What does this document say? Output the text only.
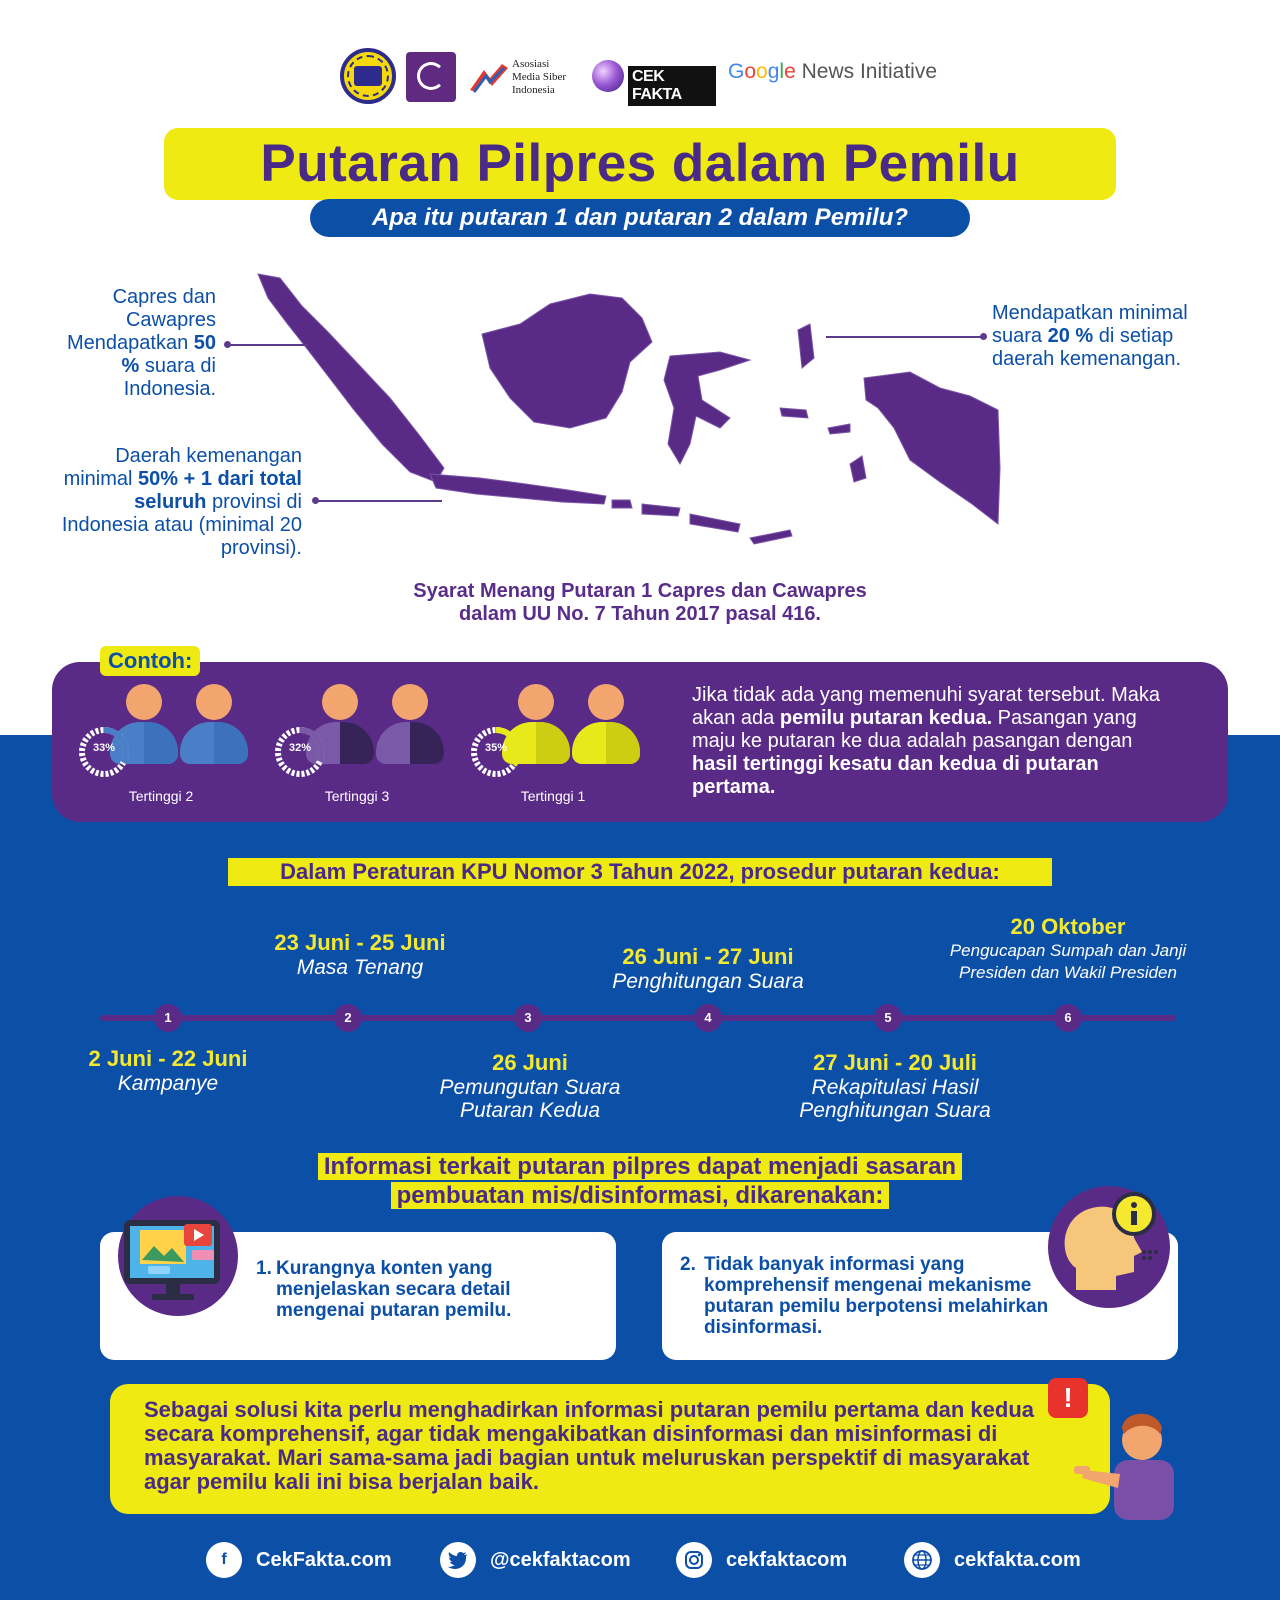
Asosiasi
Media Siber
Indonesia
CEK FAKTA
Google News Initiative
Putaran Pilpres dalam Pemilu
Apa itu putaran 1 dan putaran 2 dalam Pemilu?
Capres dan Cawapres Mendapatkan 50 % suara di Indonesia.
Daerah kemenangan minimal 50% + 1 dari total seluruh provinsi di Indonesia atau (minimal 20 provinsi).
Mendapatkan minimal suara 20 % di setiap daerah kemenangan.
Syarat Menang Putaran 1 Capres dan Cawapres
dalam UU No. 7 Tahun 2017 pasal 416.
Contoh:
33%
Tertinggi 2
32%
Tertinggi 3
35%
Tertinggi 1
Jika tidak ada yang memenuhi syarat tersebut. Maka akan ada pemilu putaran kedua. Pasangan yang maju ke putaran ke dua adalah pasangan dengan hasil tertinggi kesatu dan kedua di putaran pertama.
Dalam Peraturan KPU Nomor 3 Tahun 2022, prosedur putaran kedua:
1	2	3	4	5	6
2 Juni - 22 Juni
Kampanye
23 Juni - 25 Juni
Masa Tenang
26 Juni
Pemungutan Suara Putaran Kedua
26 Juni - 27 Juni
Penghitungan Suara
27 Juni - 20 Juli
Rekapitulasi Hasil Penghitungan Suara
20 Oktober
Pengucapan Sumpah dan Janji Presiden dan Wakil Presiden
Informasi terkait putaran pilpres dapat menjadi sasaran
pembuatan mis/disinformasi, dikarenakan:
1. Kurangnya konten yang menjelaskan secara detail mengenai putaran pemilu.
2. Tidak banyak informasi yang komprehensif mengenai mekanisme putaran pemilu berpotensi melahirkan disinformasi.
Sebagai solusi kita perlu menghadirkan informasi putaran pemilu pertama dan kedua secara komprehensif, agar tidak mengakibatkan disinformasi dan misinformasi di masyarakat. Mari sama-sama jadi bagian untuk meluruskan perspektif di masyarakat agar pemilu kali ini bisa berjalan baik.
!
f	CekFakta.com	@cekfaktacom	cekfaktacom	cekfakta.com
